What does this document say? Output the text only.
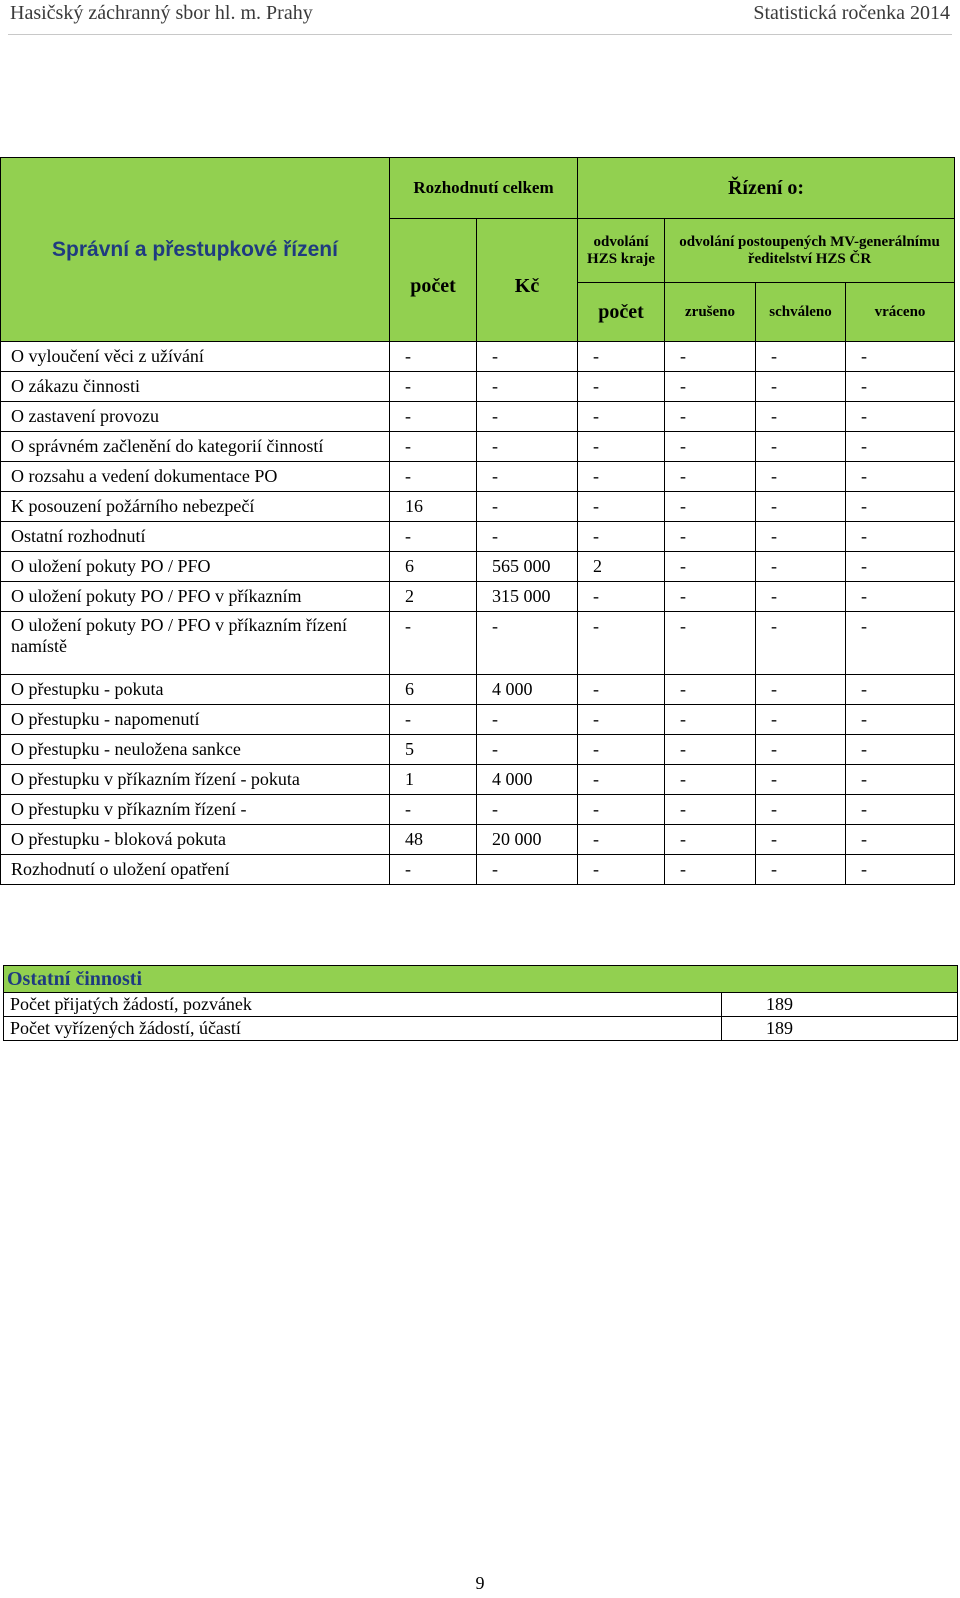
Hasičský záchranný sbor hl. m. Prahy	Statistická ročenka 2014
Správní a přestupkové řízení	Rozhodnutí celkem		Řízení o:			
	počet	Kč	odvolání HZS kraje	odvolání postoupených MV-generálnímu ředitelství HZS ČR		
			počet	zrušeno	schváleno	vráceno
O vyloučení věci z užívání	-	-	-	-	-	-
O zákazu činnosti	-	-	-	-	-	-
O zastavení provozu	-	-	-	-	-	-
O správném začlenění do kategorií činností	-	-	-	-	-	-
O rozsahu a vedení dokumentace PO	-	-	-	-	-	-
K posouzení požárního nebezpečí	16	-	-	-	-	-
Ostatní rozhodnutí	-	-	-	-	-	-
O uložení pokuty PO / PFO	6	565 000	2	-	-	-
O uložení pokuty PO / PFO v příkazním	2	315 000	-	-	-	-
O uložení pokuty PO / PFO v příkazním řízení namístě	-	-	-	-	-	-
O přestupku - pokuta	6	4 000	-	-	-	-
O přestupku - napomenutí	-	-	-	-	-	-
O přestupku - neuložena sankce	5	-	-	-	-	-
O přestupku v příkazním řízení - pokuta	1	4 000	-	-	-	-

O přestupku v příkazním řízení -	-	-	-	-	-	-
O přestupku - bloková pokuta	48	20 000	-	-	-	-
Rozhodnutí o uložení opatření	-	-	-	-	-	-
Ostatní činnosti	
Počet přijatých žádostí, pozvánek	189
Počet vyřízených žádostí, účastí	189
9
